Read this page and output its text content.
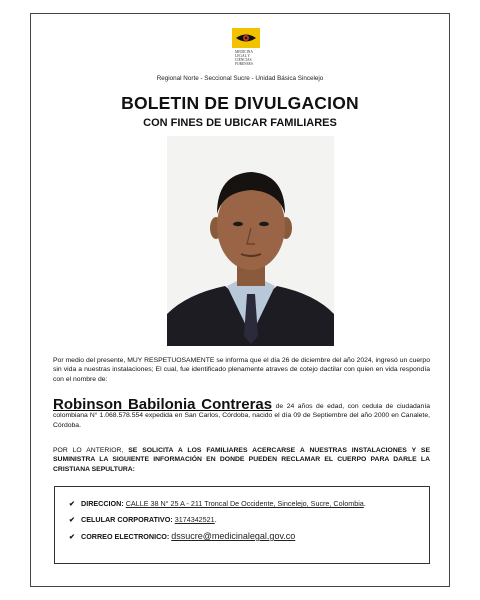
MEDICINA
LEGAL Y
CIENCIAS
FORENSES
Regional Norte - Seccional Sucre - Unidad Básica Sincelejo
BOLETIN DE DIVULGACION
CON FINES DE UBICAR FAMILIARES
Por medio del presente, MUY RESPETUOSAMENTE se informa que el día 26 de diciembre del año 2024, ingresó un cuerpo sin vida a nuestras instalaciones; El cual, fue identificado plenamente atraves de cotejo dactilar con quien en vida respondía con el nombre de:
Robinson Babilonia Contreras de 24 años de edad, con cedula de ciudadanía colombiana N° 1.068.578.554 expedida en San Carlos, Córdoba, nacido el día 09 de Septiembre del año 2000 en Canalete, Córdoba.
POR LO ANTERIOR, SE SOLICITA A LOS FAMILIARES ACERCARSE A NUESTRAS INSTALACIONES Y SE SUMINISTRA LA SIGUIENTE INFORMACIÓN EN DONDE PUEDEN RECLAMAR EL CUERPO PARA DARLE LA CRISTIANA SEPULTURA:
✔ DIRECCION: CALLE 38 N° 25 A - 211 Troncal De Occidente, Sincelejo, Sucre, Colombia.
✔ CELULAR CORPORATIVO: 3174342521.
✔ CORREO ELECTRONICO: dssucre@medicinalegal.gov.co
